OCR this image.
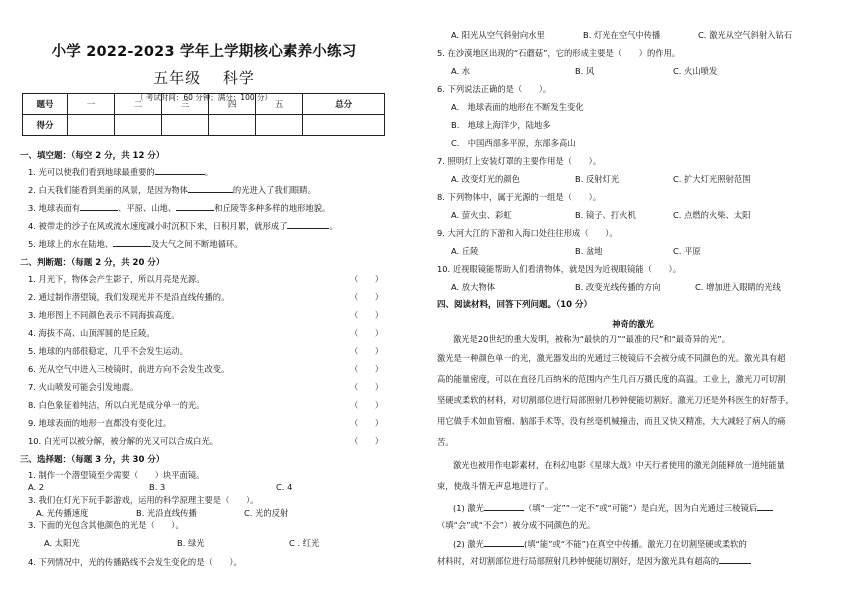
小学 2022-2023 学年上学期核心素养小练习
五年级 科学
（ 考试时间：60 分钟；满分：100 分）
题号	一	二	三	四	五	总分
得分						
一、填空题：（每空 2 分，共 12 分）
1. 光可以使我们看到地球最重要的	。
2. 白天我们能看到美丽的风景，是因为物体	的光进入了我们眼睛。
3. 地球表面有	、平原、山地、	和丘陵等多种多样的地形地貌。
4. 被带走的沙子在风或流水速度减小时沉积下来，日积月累，就形成了	。
5. 地球上的水在陆地、	及大气之间不断地循环。
二、判断题：（每题 2 分，共 20 分）
1. 月光下，物体会产生影子，所以月亮是光源。	（　　）
2. 通过制作潜望镜，我们发现光并不是沿直线传播的。	（　　）
3. 地形图上不同颜色表示不同海拔高度。	（　　）
4. 海拔不高、山顶浑圆的是丘陵。	（　　）
5. 地球的内部很稳定，几乎不会发生运动。	（　　）
6. 光从空气中进入三棱镜时，前进方向不会发生改变。	（　　）
7. 火山喷发可能会引发地震。	（　　）
8. 白色象征着纯洁，所以白光是成分单一的光。	（　　）
9. 地球表面的地形一直都没有变化过。	（　　）
10. 白光可以被分解，被分解的光又可以合成白光。	（　　）
三、选择题：（每题 3 分，共 30 分）
1. 制作一个潜望镜至少需要（　　）块平面镜。
A. 2	B. 3	C. 4
3. 我们在灯光下玩手影游戏，运用的科学原理主要是（　　）。
A. 光传播速度	B. 光沿直线传播	C. 光的反射
3. 下面的光包含其他颜色的光是（　　）。
A. 太阳光	B. 绿光	C . 红光
4. 下列情况中，光的传播路线不会发生变化的是（　　）。
A. 阳光从空气斜射向水里	B. 灯光在空气中传播	C. 激光从空气斜射入钻石
5. 在沙漠地区出现的“石蘑菇”，它的形成主要是（　　）的作用。
A. 水	B. 风	C. 火山喷发
6. 下列说法正确的是（　　）。
A.　地球表面的地形在不断发生变化
B.　地球上海洋少，陆地多
C.　中国西部多平原，东部多高山
7. 照明灯上安装灯罩的主要作用是（　　）。
A. 改变灯光的颜色	B. 反射灯光	C. 扩大灯光照射范围
8. 下列物体中，属于光源的一组是（　　）。
A. 萤火虫、彩虹	B. 镜子、打火机	C. 点燃的火柴、太阳
9. 大河大江的下游和入海口处往往形成（　　）。
A. 丘陵	B. 盆地	C. 平原
10. 近视眼镜能帮助人们看清物体，就是因为近视眼镜能（　　）。
A. 放大物体	B. 改变光线传播的方向	C. 增加进入眼睛的光线
四、阅读材料，回答下列问题。（10 分）
神奇的激光
激光是20世纪的重大发明，被称为“最快的刀”“最准的尺”和“最奇异的光”。
激光是一种颜色单一的光，激光器发出的光通过三棱镜后不会被分成不同颜色的光。激光具有超
高的能量密度，可以在直径几百纳米的范围内产生几百万摄氏度的高温。工业上，激光刀可切割
坚硬或柔软的材料，对切割部位进行局部照射几秒钟便能切割好。激光刀还是外科医生的好帮手，
用它做手术如血管瘤、脑部手术等，没有丝毫机械撞击，而且又快又精准，大大减轻了病人的痛
苦。
激光也被用作电影素材，在科幻电影《星球大战》中天行者使用的激光剑能释放一道纯能量
束，使战斗情无声息地进行了。
(1) 激光	（填“一定”“一定不”或“可能”）是白光，因为白光通过三棱镜后
（填“会”或“不会”）被分成不同颜色的光。
(2) 激光	(填“能”或“不能”)在真空中传播。激光刀在切割坚硬或柔软的
材料时，对切割部位进行局部照射几秒钟便能切割好，是因为激光具有超高的
